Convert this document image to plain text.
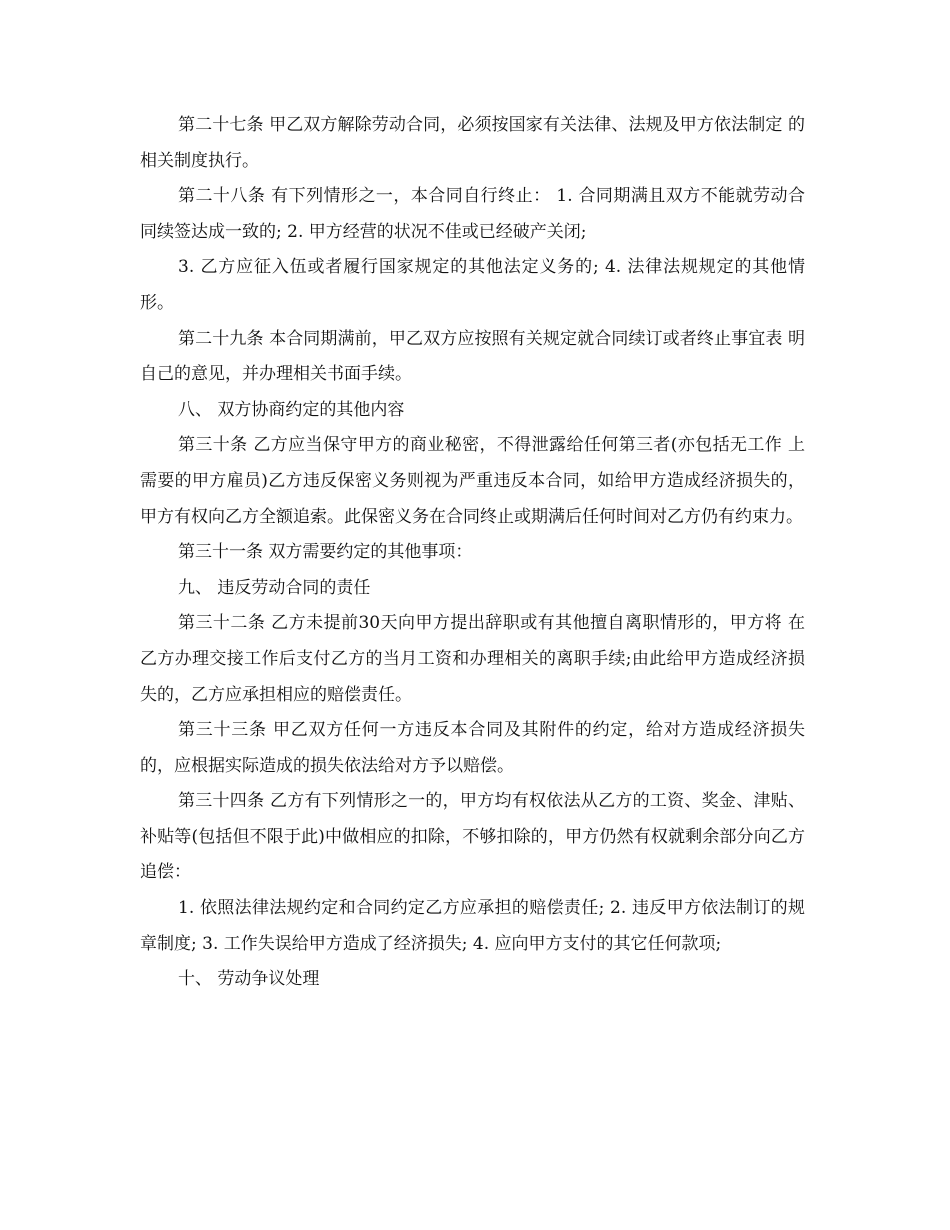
第二十七条 甲乙双方解除劳动合同，必须按国家有关法律、法规及甲方依法制定 的相关制度执行。

第二十八条 有下列情形之一，本合同自行终止： 1. 合同期满且双方不能就劳动合同续签达成一致的; 2. 甲方经营的状况不佳或已经破产关闭;

3. 乙方应征入伍或者履行国家规定的其他法定义务的; 4. 法律法规规定的其他情形。

第二十九条 本合同期满前，甲乙双方应按照有关规定就合同续订或者终止事宜表 明自己的意见，并办理相关书面手续。

八、 双方协商约定的其他内容

第三十条 乙方应当保守甲方的商业秘密，不得泄露给任何第三者(亦包括无工作 上需要的甲方雇员)乙方违反保密义务则视为严重违反本合同，如给甲方造成经济损失的，甲方有权向乙方全额追索。此保密义务在合同终止或期满后任何时间对乙方仍有约束力。

第三十一条 双方需要约定的其他事项：

九、 违反劳动合同的责任

第三十二条 乙方未提前30天向甲方提出辞职或有其他擅自离职情形的，甲方将 在乙方办理交接工作后支付乙方的当月工资和办理相关的离职手续;由此给甲方造成经济损失的，乙方应承担相应的赔偿责任。

第三十三条 甲乙双方任何一方违反本合同及其附件的约定，给对方造成经济损失 的，应根据实际造成的损失依法给对方予以赔偿。

第三十四条 乙方有下列情形之一的，甲方均有权依法从乙方的工资、奖金、津贴、补贴等(包括但不限于此)中做相应的扣除，不够扣除的，甲方仍然有权就剩余部分向乙方追偿：

1. 依照法律法规约定和合同约定乙方应承担的赔偿责任; 2. 违反甲方依法制订的规章制度; 3. 工作失误给甲方造成了经济损失; 4. 应向甲方支付的其它任何款项;

十、 劳动争议处理
